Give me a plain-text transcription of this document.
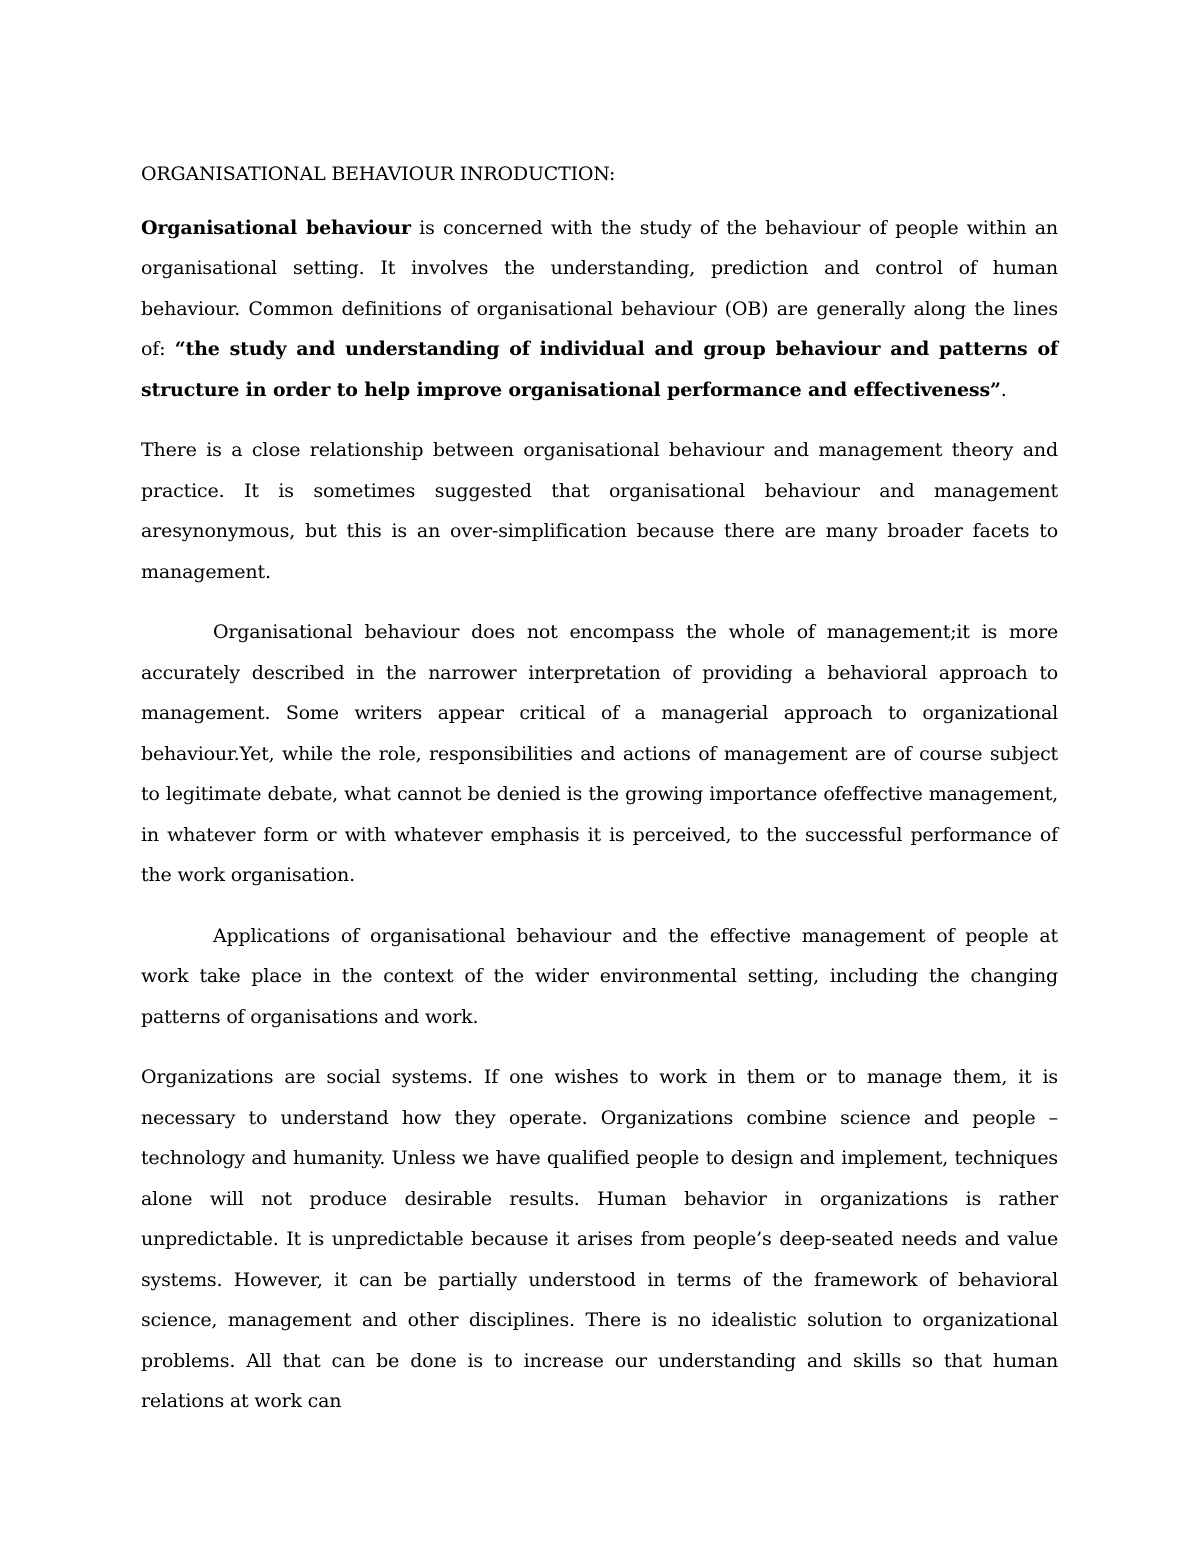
ORGANISATIONAL BEHAVIOUR INRODUCTION:

Organisational behaviour is concerned with the study of the behaviour of people within an organisational setting. It involves the understanding, prediction and control of human behaviour. Common definitions of organisational behaviour (OB) are generally along the lines of: “the study and understanding of individual and group behaviour and patterns of structure in order to help improve organisational performance and effectiveness”.

There is a close relationship between organisational behaviour and management theory and practice. It is sometimes suggested that organisational behaviour and management aresynonymous, but this is an over-simplification because there are many broader facets to management.

Organisational behaviour does not encompass the whole of management;it is more accurately described in the narrower interpretation of providing a behavioral approach to management. Some writers appear critical of a managerial approach to organizational behaviour.Yet, while the role, responsibilities and actions of management are of course subject to legitimate debate, what cannot be denied is the growing importance ofeffective management, in whatever form or with whatever emphasis it is perceived, to the successful performance of the work organisation.

Applications of organisational behaviour and the effective management of people at work take place in the context of the wider environmental setting, including the changing patterns of organisations and work.

Organizations are social systems. If one wishes to work in them or to manage them, it is necessary to understand how they operate. Organizations combine science and people – technology and humanity. Unless we have qualified people to design and implement, techniques alone will not produce desirable results. Human behavior in organizations is rather unpredictable. It is unpredictable because it arises from people’s deep-seated needs and value systems. However, it can be partially understood in terms of the framework of behavioral science, management and other disciplines. There is no idealistic solution to organizational problems. All that can be done is to increase our understanding and skills so that human relations at work can
